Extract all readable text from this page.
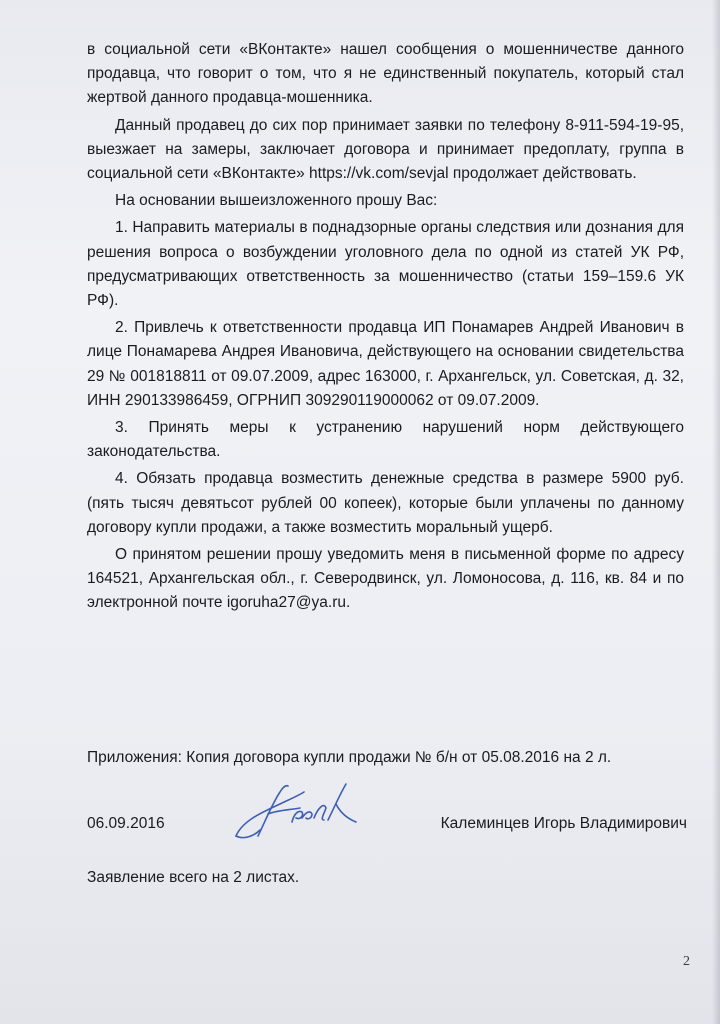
в социальной сети «ВКонтакте» нашел сообщения о мошенничестве данного продавца, что говорит о том, что я не единственный покупатель, который стал жертвой данного продавца-мошенника.

Данный продавец до сих пор принимает заявки по телефону 8-911-594-19-95, выезжает на замеры, заключает договора и принимает предоплату, группа в социальной сети «ВКонтакте» https://vk.com/sevjal продолжает действовать.

На основании вышеизложенного прошу Вас:

1. Направить материалы в поднадзорные органы следствия или дознания для решения вопроса о возбуждении уголовного дела по одной из статей УК РФ, предусматривающих ответственность за мошенничество (статьи 159–159.6 УК РФ).

2. Привлечь к ответственности продавца ИП Понамарев Андрей Иванович в лице Понамарева Андрея Ивановича, действующего на основании свидетельства 29 № 001818811 от 09.07.2009, адрес 163000, г. Архангельск, ул. Советская, д. 32, ИНН 290133986459, ОГРНИП 309290119000062 от 09.07.2009.

3. Принять меры к устранению нарушений норм действующего законодательства.

4. Обязать продавца возместить денежные средства в размере 5900 руб. (пять тысяч девятьсот рублей 00 копеек), которые были уплачены по данному договору купли продажи, а также возместить моральный ущерб.

О принятом решении прошу уведомить меня в письменной форме по адресу 164521, Архангельская обл., г. Северодвинск, ул. Ломоносова, д. 116, кв. 84 и по электронной почте igoruha27@ya.ru.

Приложения: Копия договора купли продажи № б/н от 05.08.2016 на 2 л.
06.09.2016	Калеминцев Игорь Владимирович
Заявление всего на 2 листах.
2
